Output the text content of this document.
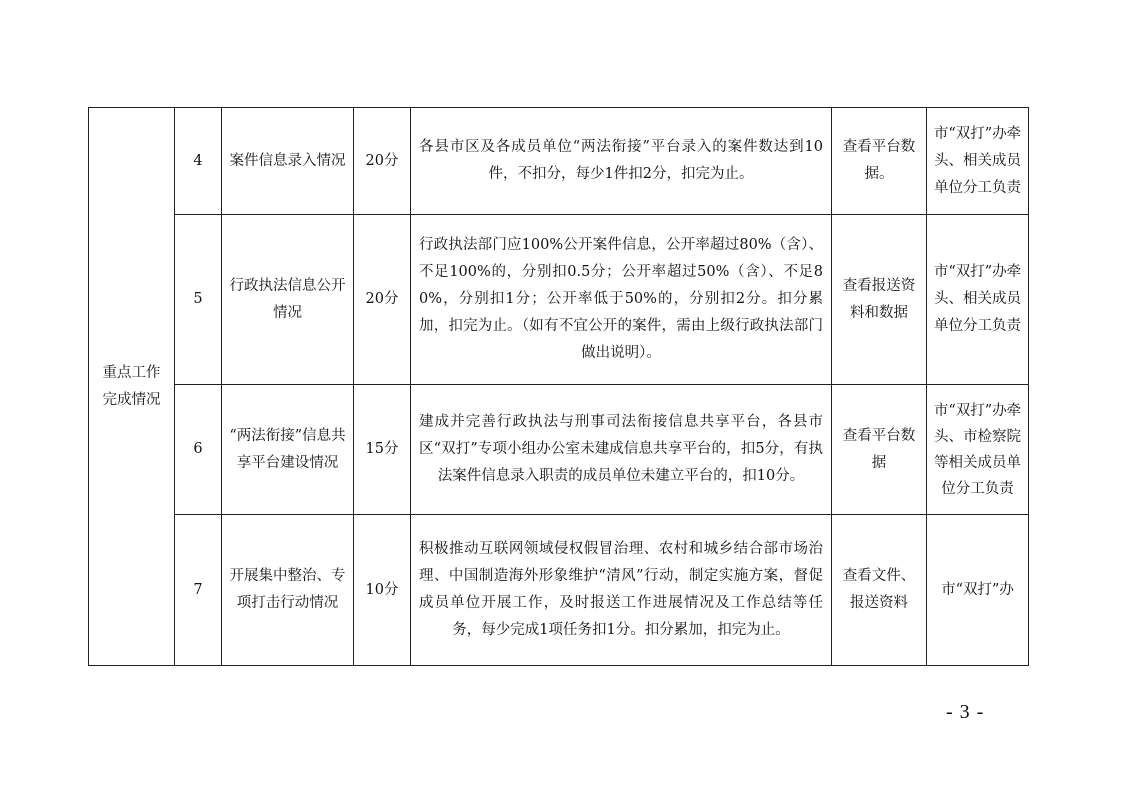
重点工作完成情况	4	案件信息录入情况	20分	各县市区及各成员单位“两法衔接”平台录入的案件数达到10件，不扣分，每少1件扣2分，扣完为止。	查看平台数据。	市“双打”办牵头、相关成员单位分工负责
	5	行政执法信息公开情况	20分	行政执法部门应100%公开案件信息，公开率超过80%（含）、不足100%的，分别扣0.5分；公开率超过50%（含）、不足80%，分别扣1分；公开率低于50%的，分别扣2分。扣分累加，扣完为止。（如有不宜公开的案件，需由上级行政执法部门做出说明）。	查看报送资料和数据	市“双打”办牵头、相关成员单位分工负责
	6	“两法衔接”信息共享平台建设情况	15分	建成并完善行政执法与刑事司法衔接信息共享平台，各县市区“双打”专项小组办公室未建成信息共享平台的，扣5分，有执法案件信息录入职责的成员单位未建立平台的，扣10分。	查看平台数据	市“双打”办牵头、市检察院等相关成员单位分工负责
	7	开展集中整治、专项打击行动情况	10分	积极推动互联网领域侵权假冒治理、农村和城乡结合部市场治理、中国制造海外形象维护“清风”行动，制定实施方案，督促成员单位开展工作，及时报送工作进展情况及工作总结等任务，每少完成1项任务扣1分。扣分累加，扣完为止。	查看文件、报送资料	市“双打”办
- 3 -
